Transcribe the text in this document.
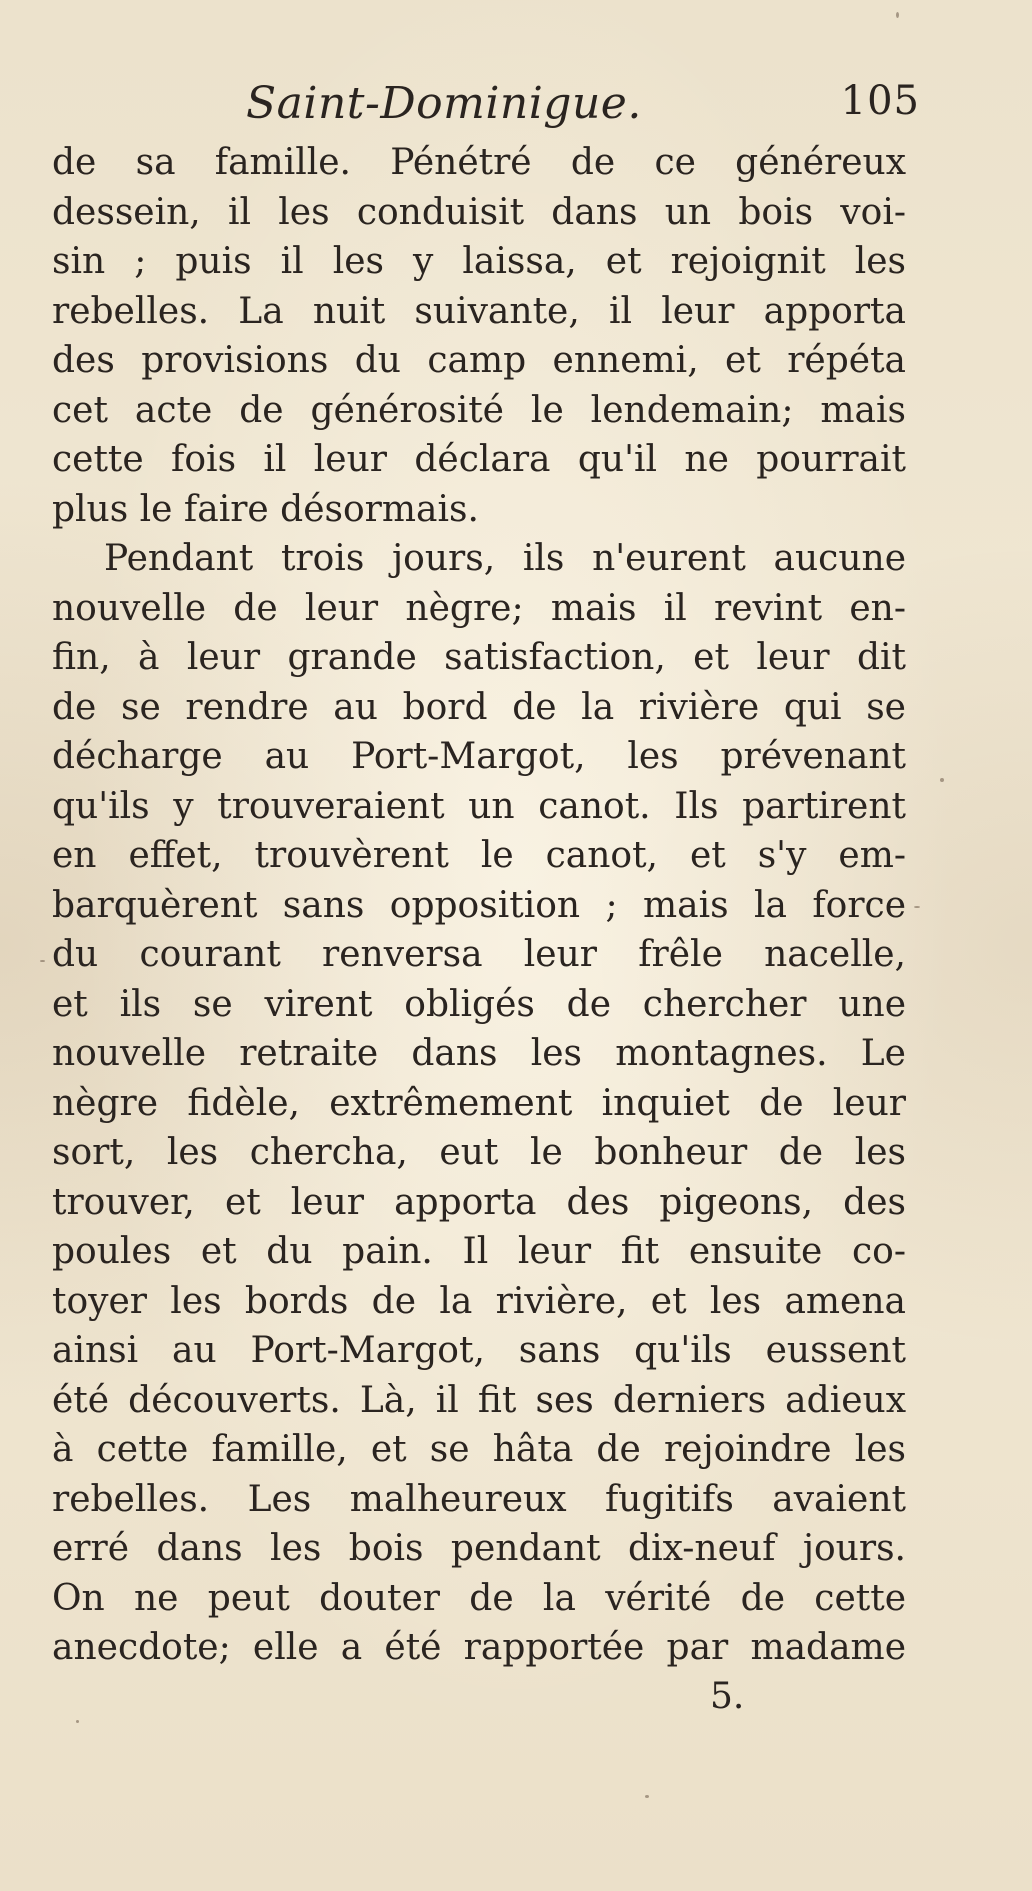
Saint-Dominigue.	105
de sa famille. Pénétré de ce généreux
dessein, il les conduisit dans un bois voi-
sin ; puis il les y laissa, et rejoignit les
rebelles. La nuit suivante, il leur apporta
des provisions du camp ennemi, et répéta
cet acte de générosité le lendemain; mais
cette fois il leur déclara qu'il ne pourrait
plus le faire désormais.
Pendant trois jours, ils n'eurent aucune
nouvelle de leur nègre; mais il revint en-
fin, à leur grande satisfaction, et leur dit
de se rendre au bord de la rivière qui se
décharge au Port-Margot, les prévenant
qu'ils y trouveraient un canot. Ils partirent
en effet, trouvèrent le canot, et s'y em-
barquèrent sans opposition ; mais la force
du courant renversa leur frêle nacelle,
et ils se virent obligés de chercher une
nouvelle retraite dans les montagnes. Le
nègre fidèle, extrêmement inquiet de leur
sort, les chercha, eut le bonheur de les
trouver, et leur apporta des pigeons, des
poules et du pain. Il leur fit ensuite co-
toyer les bords de la rivière, et les amena
ainsi au Port-Margot, sans qu'ils eussent
été découverts. Là, il fit ses derniers adieux
à cette famille, et se hâta de rejoindre les
rebelles. Les malheureux fugitifs avaient
erré dans les bois pendant dix-neuf jours.
On ne peut douter de la vérité de cette
anecdote; elle a été rapportée par madame
5.
